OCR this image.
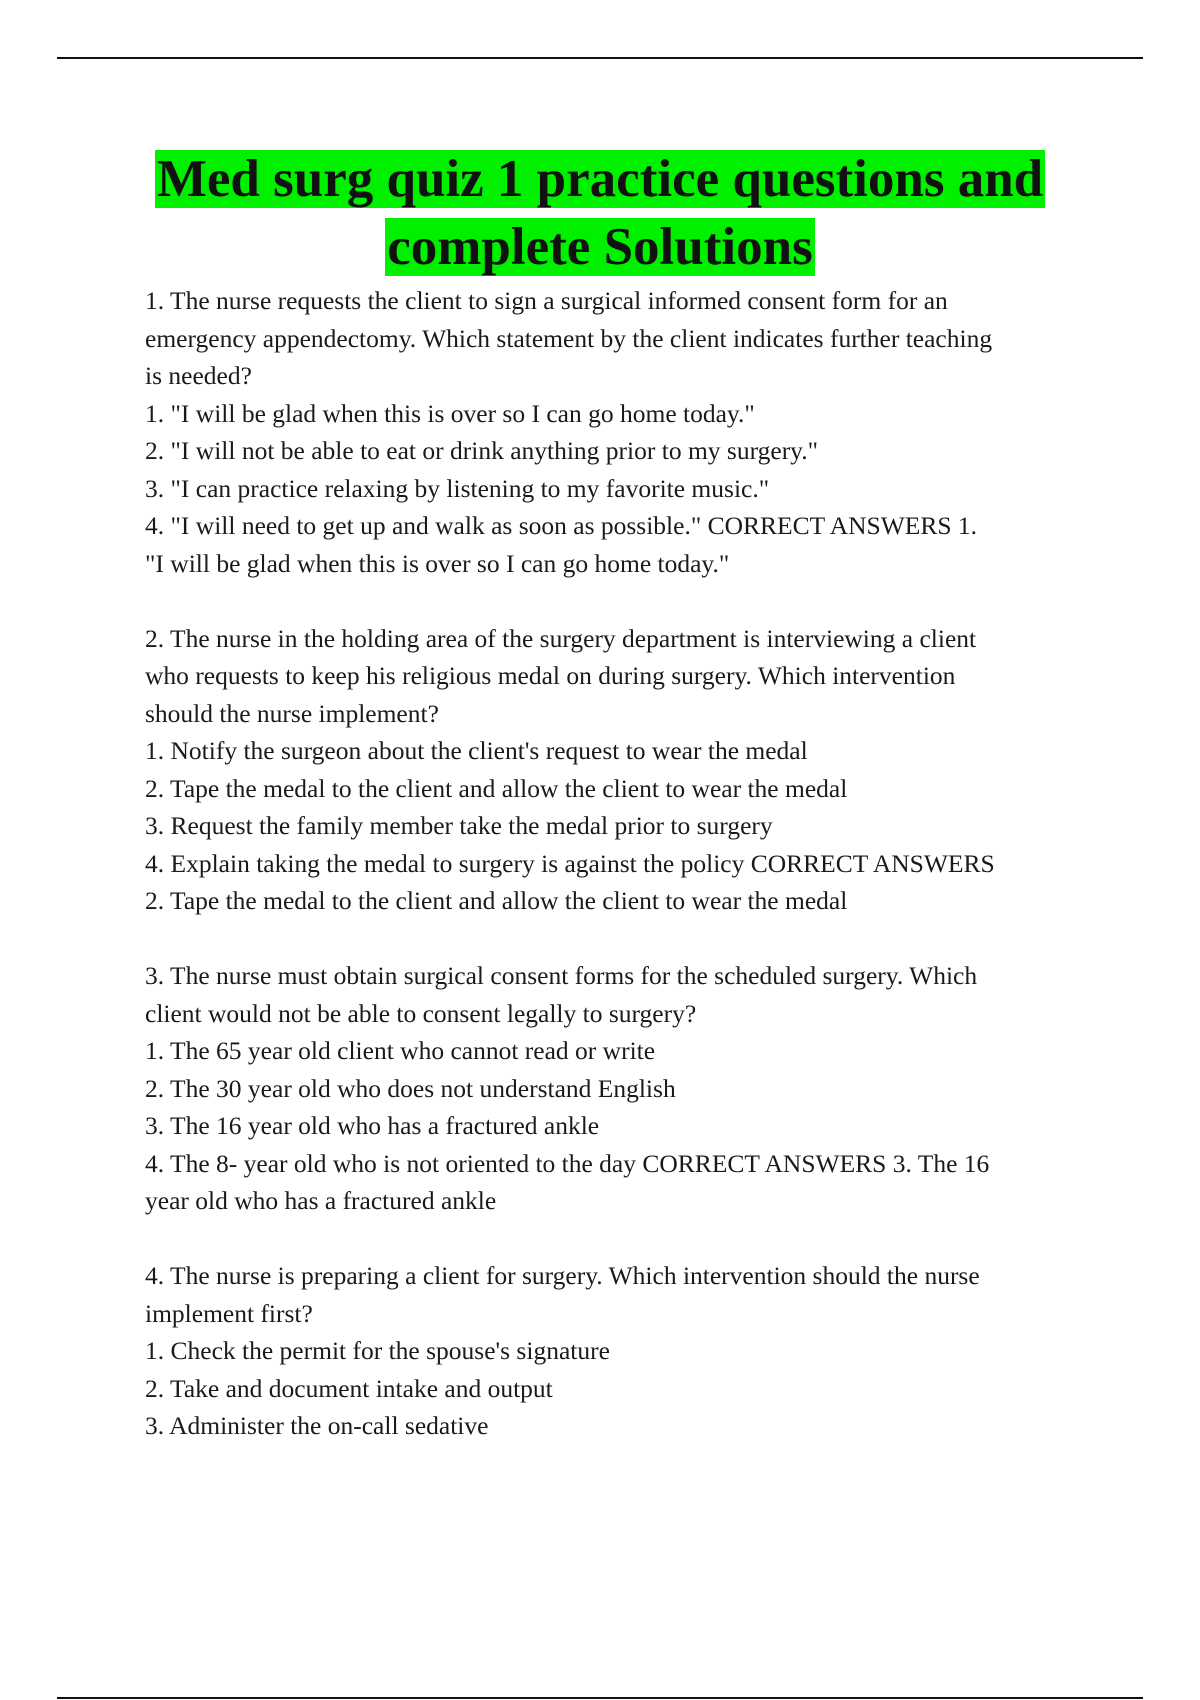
Med surg quiz 1 practice questions and
complete Solutions

1. The nurse requests the client to sign a surgical informed consent form for an

emergency appendectomy. Which statement by the client indicates further teaching

is needed?

1. "I will be glad when this is over so I can go home today."

2. "I will not be able to eat or drink anything prior to my surgery."

3. "I can practice relaxing by listening to my favorite music."

4. "I will need to get up and walk as soon as possible." CORRECT ANSWERS 1.

"I will be glad when this is over so I can go home today."

2. The nurse in the holding area of the surgery department is interviewing a client

who requests to keep his religious medal on during surgery. Which intervention

should the nurse implement?

1. Notify the surgeon about the client's request to wear the medal

2. Tape the medal to the client and allow the client to wear the medal

3. Request the family member take the medal prior to surgery

4. Explain taking the medal to surgery is against the policy CORRECT ANSWERS

2. Tape the medal to the client and allow the client to wear the medal

3. The nurse must obtain surgical consent forms for the scheduled surgery. Which

client would not be able to consent legally to surgery?

1. The 65 year old client who cannot read or write

2. The 30 year old who does not understand English

3. The 16 year old who has a fractured ankle

4. The 8- year old who is not oriented to the day CORRECT ANSWERS 3. The 16

year old who has a fractured ankle

4. The nurse is preparing a client for surgery. Which intervention should the nurse

implement first?

1. Check the permit for the spouse's signature

2. Take and document intake and output

3. Administer the on-call sedative
